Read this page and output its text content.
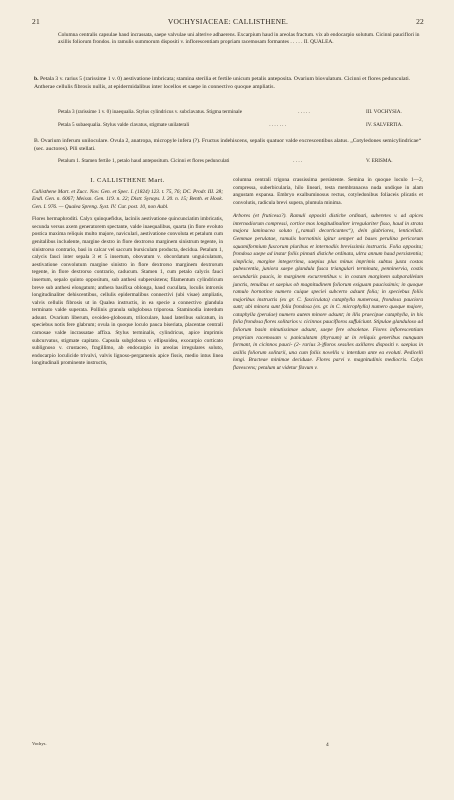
21	VOCHYSIACEAE: CALLISTHENE.	22
Columna centralis capsulae haud incrassata, saepe valvulae uni alterive adhaerens. Excarpium haud in areolas fractum. vix ab endocarpio solutum. Cicinni pauciflori in axillis foliorum frondos. in ramulis summorum dispositi v. inflorescentiam propriam racemosam formantes . . . . . II. QUALEA.
b. Petala 3 v. rarius 5 (rarissime 1 v. 0) aestivatione imbricata; stamina sterilia et fertile unicum petalis anteposita. Ovarium biovulatum. Cicinni et flores pedunculati. Antherae cellulis fibrosis nullis, at epidermidalibus inter locellos et saepe in connectivo quoque ampliatis.
Petala 3 (rarissime 1 v. 0) inaequalia. Stylus cylindricus v. subclavatus. Stigma terminale	. . . . .	III. VOCHYSIA.
Petala 5 subaequalia. Stylus valde clavatus, stigmate unilaterali	. . . . . . .	IV. SALVERTIA.
B. Ovarium inferum uniloculare. Ovula 2, anatropa, micropyle infera (?). Fructus indehiscens, sepalis quatuor valde excrescentibus alatus. „Cotyledones semicylindricae“ (sec. auctores). Pili stellati.
Petalum 1. Stamen fertile 1, petalo haud antepositum. Cicinni et flores pedunculati	. . . .	V. ERISMA.
I. CALLISTHENE Mart.
Callisthene Mart. et Zucc. Nov. Gen. et Spec. I. (1824) 123. t. 75, 76; DC. Prodr. III. 28; Endl. Gen. n. 6067; Meissn. Gen. 119. n. 22; Distr. Synops. I. 20. n. 15; Benth. et Hook. Gen. I. 976. — Qualea Spreng. Syst. IV. Cur. post. 10, non Aubl.

Flores hermaphroditi. Calyx quinquefidus, laciniis aestivatione quincunciatim imbricatis, secunda versus axem generatorem spectante, valde inaequalibus, quarta (in flore evoluto postica maxima reliquis multo majore, naviculari, aestivatione convoluta et petalum cum genitalibus includente, margine dextro in flore dextrorso marginem sinistrum tegente, in sinistrorso contrario, basi in calcar vel saccum bursiculam producta, decidua. Petalum 1, calycis fauci inter sepala 3 et 5 insertum, obovatum v. obcordatum unguiculatum, aestivatione convolutum margine sinistro in flore dextrorso marginem dextrorum tegente, in flore dextrorso contrario, caducum. Stamen 1, cum petalo calycis fauci insertum, sepalo quinto oppositum, sub anthesi subpersistens; filamentum cylindricum breve sub anthesi elongatum; anthera basifixa oblonga, haud cucullata, loculis introrsis longitudinaliter dehiscentibus, cellulis epidermalibus connectivi (ubi visae) ampliatis, valvis cellulis fibrosis ut in Qualea instructis, in ea specie a connectivo glandula terminato valde superata. Pollinis granula subglobosa triporosa. Staminodia interdum adsunt. Ovarium liberum, ovoideo-globosum, triloculare, haud lateribus sulcatum, in speciebus notis fere glabrum; ovula in quoque loculo pauca biseriata, placentae centrali carnosae valde incrassatae affixa. Stylus terminalis, cylindricus, apice imprimis subcurvatus, stigmate capitato. Capsula subglobosa v. ellipsoidea, exocarpio corticato sublignoso v. crustaceo, fragillimo, ab endocarpio in areolas irregulares soluto, endocarpio loculicide trivalvi, valvis lignoso-pergamenis apice fissis, medio intus linea longitudinali prominente instructis,

columna centrali trigona crassissima persistente. Semina in quoque loculo 1—2, compressa, suberbicularia, hilo lineari, testa membranacea nuda undique in alam angustam expansa. Embryo exalbuminosus rectus, cotyledonibus foliaceis plicatis et convolutis, radicula brevi supera, plumula minima.

Arbores (et fruticesa?). Ramuli oppositi distiche ordinati, suberetes v. ad apices internodiorum compressi, cortice mox longitudinaliter irregulariter fisso, haud in strata majora laminacea soluto („ramuli decorticantes“), dein glabriores, lenticellati. Gemmae perulatae, ramulis hornotinis igitur semper ad bases perulina pericorum squamiformium fuscorum pluribus et internodiis brevissimis instructis. Folia opposita; frondosa saepe ad instar foliis pinnati distiche ordinata, ultra annum haud persistentia; simplicia, margine integerrima, saepius plus minus imprimis subtus juxta costas pubescentia, juniora saepe glandula fusca triangulari terminata, penninervia, costis secundariis paucis, in marginem excurrentibus v. in costam marginem subparallelam junctis, tenuibus et saepius ob magnitudinem foliorum exiguam paucissimis; in quoque ramulo hornotino numero cuique speciei subcerto adsunt folia; in speciebus foliis majoribus instructis (ex gr. C. fasciculata) cataphylla numerosa, frondosa pauciora sunt; ubi minora sunt folia frondosa (ex. gr. in C. microphylla) numero quoque majore, cataphylla (perulae) numero autem minore adsunt; in illis praecipue cataphylla, in his folia frondosa flores solitarios v. cicinnos paucifloros suffulciunt. Stipulae glanduloso ad foliorum basin minutissimae adsunt, saepe fere obsoletae. Flores inflorescentiam propriam racemosam v. paniculatam (thyrsum) ut in reliquis generibus nunquam formant, in cicinnos pauci- (2- rarius 3-)floros sessiles axillares dispositi v. saepius in axillis foliorum solitarii, una cum foliis novellis v. interdum ante ea evoluti. Pedicelli longi. Bracteae minimae deciduae. Flores parvi v. magnitudinis mediocris. Calyx flavescens; petalum ut videtur flavum v.

Vochys.	4
